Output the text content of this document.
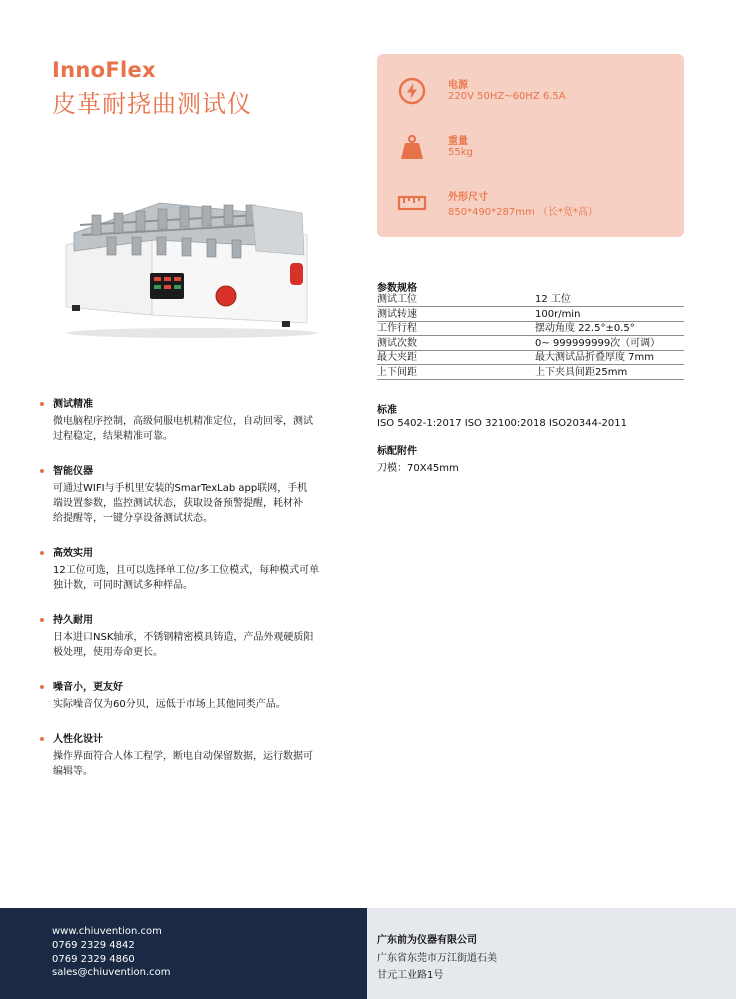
InnoFlex
皮革耐挠曲测试仪
电源
220V 50HZ~60HZ 6.5A
重量
55kg
外形尺寸
850*490*287mm （长*宽*高）
参数规格
测试工位	12 工位
测试转速	100r/min
工作行程	摆动角度 22.5°±0.5°
测试次数	0~ 999999999次（可调）
最大夹距	最大测试品折叠厚度 7mm
上下间距	上下夹具间距25mm
标准
ISO 5402-1:2017 ISO 32100:2018 ISO20344-2011
标配附件
刀模：70X45mm
测试精准
微电脑程序控制，高级伺服电机精准定位，自动回零，测试
过程稳定，结果精准可靠。
智能仪器
可通过WIFI与手机里安装的SmarTexLab app联网，手机
端设置参数，监控测试状态，获取设备预警提醒，耗材补
给提醒等，一键分享设备测试状态。
高效实用
12工位可选，且可以选择单工位/多工位模式，每种模式可单
独计数，可同时测试多种样品。
持久耐用
日本进口NSK轴承，不锈钢精密模具铸造，产品外观硬质阳
极处理，使用寿命更长。
噪音小，更友好
实际噪音仅为60分贝，远低于市场上其他同类产品。
人性化设计
操作界面符合人体工程学，断电自动保留数据，运行数据可
编辑等。
www.chiuvention.com
0769 2329 4842
0769 2329 4860
sales@chiuvention.com
广东前为仪器有限公司
广东省东莞市万江街道石美
甘元工业路1号
